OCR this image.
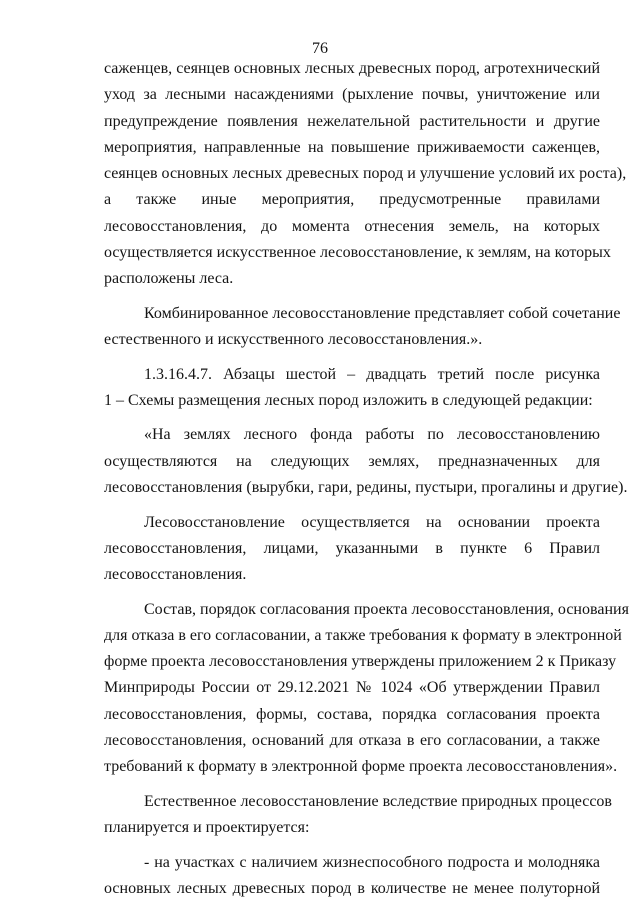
76

саженцев, сеянцев основных лесных древесных пород, агротехнический
уход за лесными насаждениями (рыхление почвы, уничтожение или
предупреждение появления нежелательной растительности и другие
мероприятия, направленные на повышение приживаемости саженцев,
сеянцев основных лесных древесных пород и улучшение условий их роста),
а также иные мероприятия, предусмотренные правилами
лесовосстановления, до момента отнесения земель, на которых
осуществляется искусственное лесовосстановление, к землям, на которых
расположены леса.

Комбинированное лесовосстановление представляет собой сочетание
естественного и искусственного лесовосстановления.».

1.3.16.4.7. Абзацы шестой – двадцать третий после рисунка
1 – Схемы размещения лесных пород изложить в следующей редакции:

«На землях лесного фонда работы по лесовосстановлению
осуществляются на следующих землях, предназначенных для
лесовосстановления (вырубки, гари, редины, пустыри, прогалины и другие).

Лесовосстановление осуществляется на основании проекта
лесовосстановления, лицами, указанными в пункте 6 Правил
лесовосстановления.

Состав, порядок согласования проекта лесовосстановления, основания
для отказа в его согласовании, а также требования к формату в электронной
форме проекта лесовосстановления утверждены приложением 2 к Приказу
Минприроды России от 29.12.2021 № 1024 «Об утверждении Правил
лесовосстановления, формы, состава, порядка согласования проекта
лесовосстановления, оснований для отказа в его согласовании, а также
требований к формату в электронной форме проекта лесовосстановления».

Естественное лесовосстановление вследствие природных процессов
планируется и проектируется:

- на участках с наличием жизнеспособного подроста и молодняка
основных лесных древесных пород в количестве не менее полуторной
